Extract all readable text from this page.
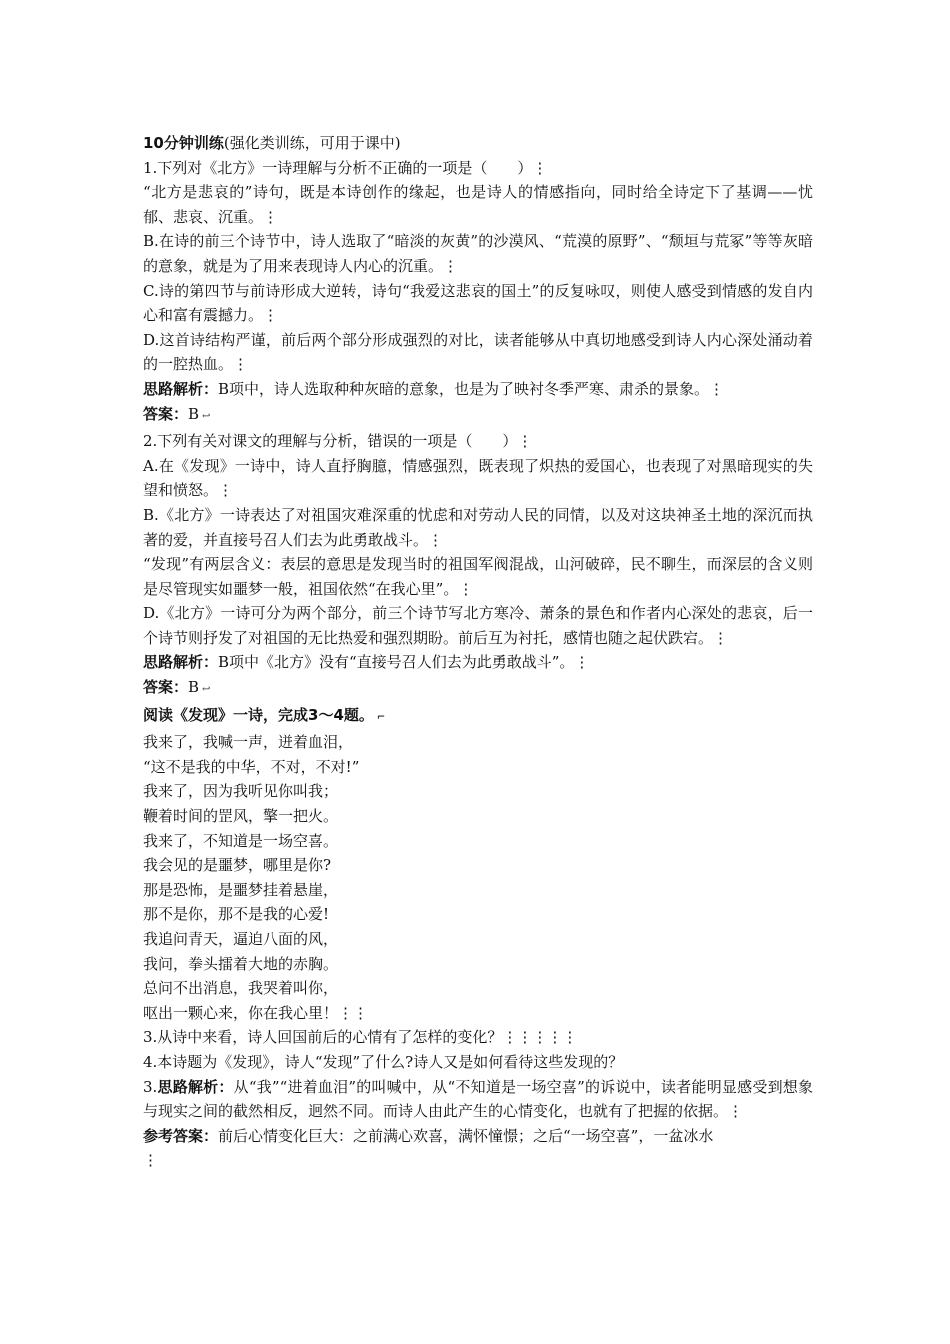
10分钟训练(强化类训练，可用于课中)
1.下列对《北方》一诗理解与分析不正确的一项是（　　）⋮
“北方是悲哀的”诗句，既是本诗创作的缘起，也是诗人的情感指向，同时给全诗定下了基调——忧郁、悲哀、沉重。⋮
B.在诗的前三个诗节中，诗人选取了“暗淡的灰黄”的沙漠风、“荒漠的原野”、“颓垣与荒冢”等等灰暗的意象，就是为了用来表现诗人内心的沉重。⋮
C.诗的第四节与前诗形成大逆转，诗句“我爱这悲哀的国土”的反复咏叹，则使人感受到情感的发自内心和富有震撼力。⋮
D.这首诗结构严谨，前后两个部分形成强烈的对比，读者能够从中真切地感受到诗人内心深处涌动着的一腔热血。⋮
思路解析：B项中，诗人选取种种灰暗的意象，也是为了映衬冬季严寒、肃杀的景象。⋮
答案：B ↩
2.下列有关对课文的理解与分析，错误的一项是（　　）⋮
A.在《发现》一诗中，诗人直抒胸臆，情感强烈，既表现了炽热的爱国心，也表现了对黑暗现实的失望和愤怒。⋮
B.《北方》一诗表达了对祖国灾难深重的忧虑和对劳动人民的同情，以及对这块神圣土地的深沉而执著的爱，并直接号召人们去为此勇敢战斗。⋮
“发现”有两层含义：表层的意思是发现当时的祖国军阀混战，山河破碎，民不聊生，而深层的含义则是尽管现实如噩梦一般，祖国依然“在我心里”。⋮
D.《北方》一诗可分为两个部分，前三个诗节写北方寒冷、萧条的景色和作者内心深处的悲哀，后一个诗节则抒发了对祖国的无比热爱和强烈期盼。前后互为衬托，感情也随之起伏跌宕。⋮
思路解析：B项中《北方》没有“直接号召人们去为此勇敢战斗”。⋮
答案：B ↩
阅读《发现》一诗，完成3～4题。 ⌐
我来了，我喊一声，迸着血泪，
“这不是我的中华，不对，不对!”
我来了，因为我听见你叫我；
鞭着时间的罡风，擎一把火。
我来了，不知道是一场空喜。
我会见的是噩梦，哪里是你?
那是恐怖，是噩梦挂着悬崖，
那不是你，那不是我的心爱!
我追问青天，逼迫八面的风，
我问，拳头擂着大地的赤胸。
总问不出消息，我哭着叫你，
呕出一颗心来，你在我心里！⋮⋮
3.从诗中来看，诗人回国前后的心情有了怎样的变化？⋮⋮⋮⋮⋮
4.本诗题为《发现》，诗人“发现”了什么?诗人又是如何看待这些发现的？
3.思路解析：从“我”“进着血泪”的叫喊中，从“不知道是一场空喜”的诉说中，读者能明显感受到想象与现实之间的截然相反，迥然不同。而诗人由此产生的心情变化，也就有了把握的依据。⋮
参考答案：前后心情变化巨大：之前满心欢喜，满怀憧憬；之后“一场空喜”，一盆冰水
⋮
